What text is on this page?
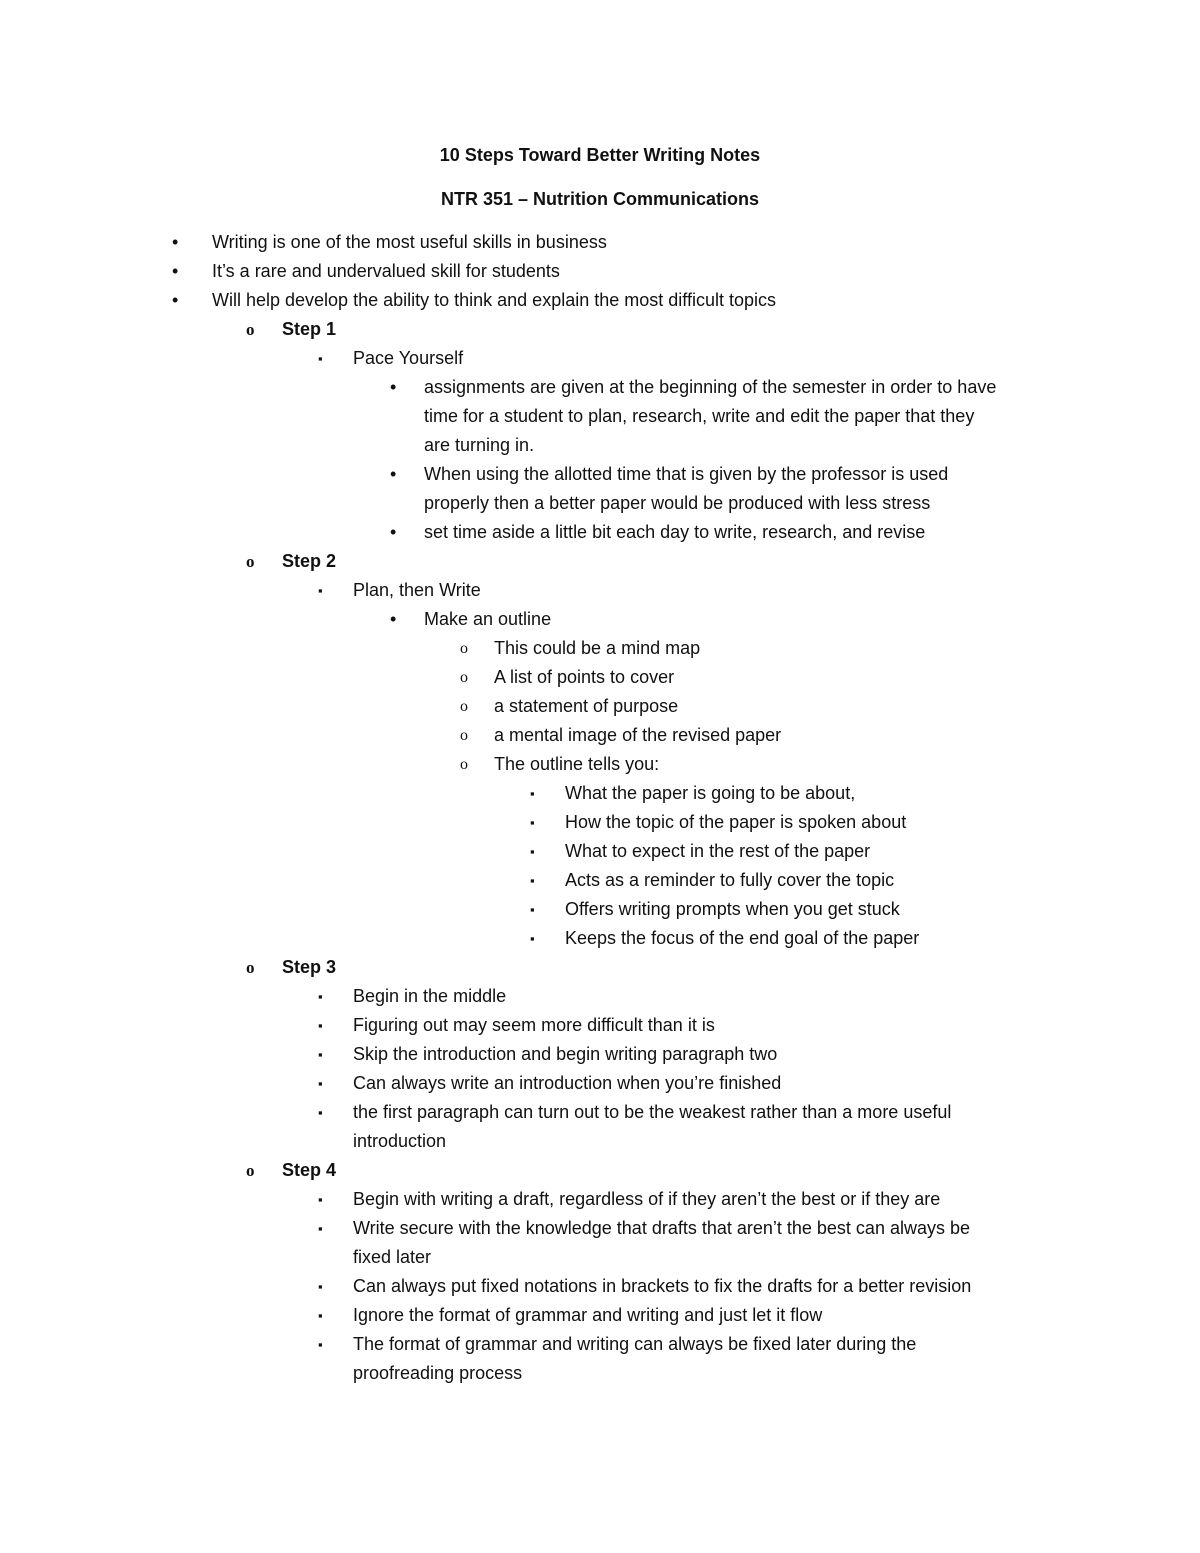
10 Steps Toward Better Writing Notes
NTR 351 – Nutrition Communications
• Writing is one of the most useful skills in business
• It’s a rare and undervalued skill for students
• Will help develop the ability to think and explain the most difficult topics
o Step 1
▪ Pace Yourself
• assignments are given at the beginning of the semester in order to have
time for a student to plan, research, write and edit the paper that they
are turning in.
• When using the allotted time that is given by the professor is used
properly then a better paper would be produced with less stress
• set time aside a little bit each day to write, research, and revise
o Step 2
▪ Plan, then Write
• Make an outline
o This could be a mind map
o A list of points to cover
o a statement of purpose
o a mental image of the revised paper
o The outline tells you:
▪ What the paper is going to be about,
▪ How the topic of the paper is spoken about
▪ What to expect in the rest of the paper
▪ Acts as a reminder to fully cover the topic
▪ Offers writing prompts when you get stuck
▪ Keeps the focus of the end goal of the paper
o Step 3
▪ Begin in the middle
▪ Figuring out may seem more difficult than it is
▪ Skip the introduction and begin writing paragraph two
▪ Can always write an introduction when you’re finished
▪ the first paragraph can turn out to be the weakest rather than a more useful
introduction
o Step 4
▪ Begin with writing a draft, regardless of if they aren’t the best or if they are
▪ Write secure with the knowledge that drafts that aren’t the best can always be
fixed later
▪ Can always put fixed notations in brackets to fix the drafts for a better revision
▪ Ignore the format of grammar and writing and just let it flow
▪ The format of grammar and writing can always be fixed later during the
proofreading process
